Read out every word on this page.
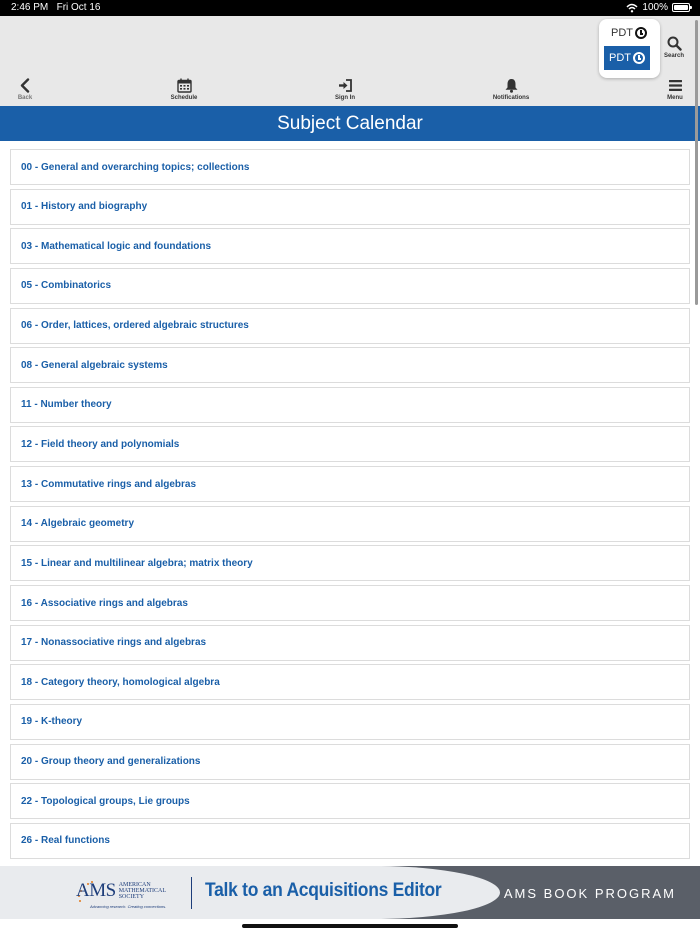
2:46 PM Fri Oct 16	100%
PDT
PDT	Search
Back	Schedule	Sign In	Notifications	Menu
Subject Calendar
00 - General and overarching topics; collections
01 - History and biography
03 - Mathematical logic and foundations
05 - Combinatorics
06 - Order, lattices, ordered algebraic structures
08 - General algebraic systems
11 - Number theory
12 - Field theory and polynomials
13 - Commutative rings and algebras
14 - Algebraic geometry
15 - Linear and multilinear algebra; matrix theory
16 - Associative rings and algebras
17 - Nonassociative rings and algebras
18 - Category theory, homological algebra
19 - K-theory
20 - Group theory and generalizations
22 - Topological groups, Lie groups
26 - Real functions
AMS AMERICAN
MATHEMATICAL
SOCIETY
Advancing research. Creating connections.
Talk to an Acquisitions Editor	AMS BOOK PROGRAM
